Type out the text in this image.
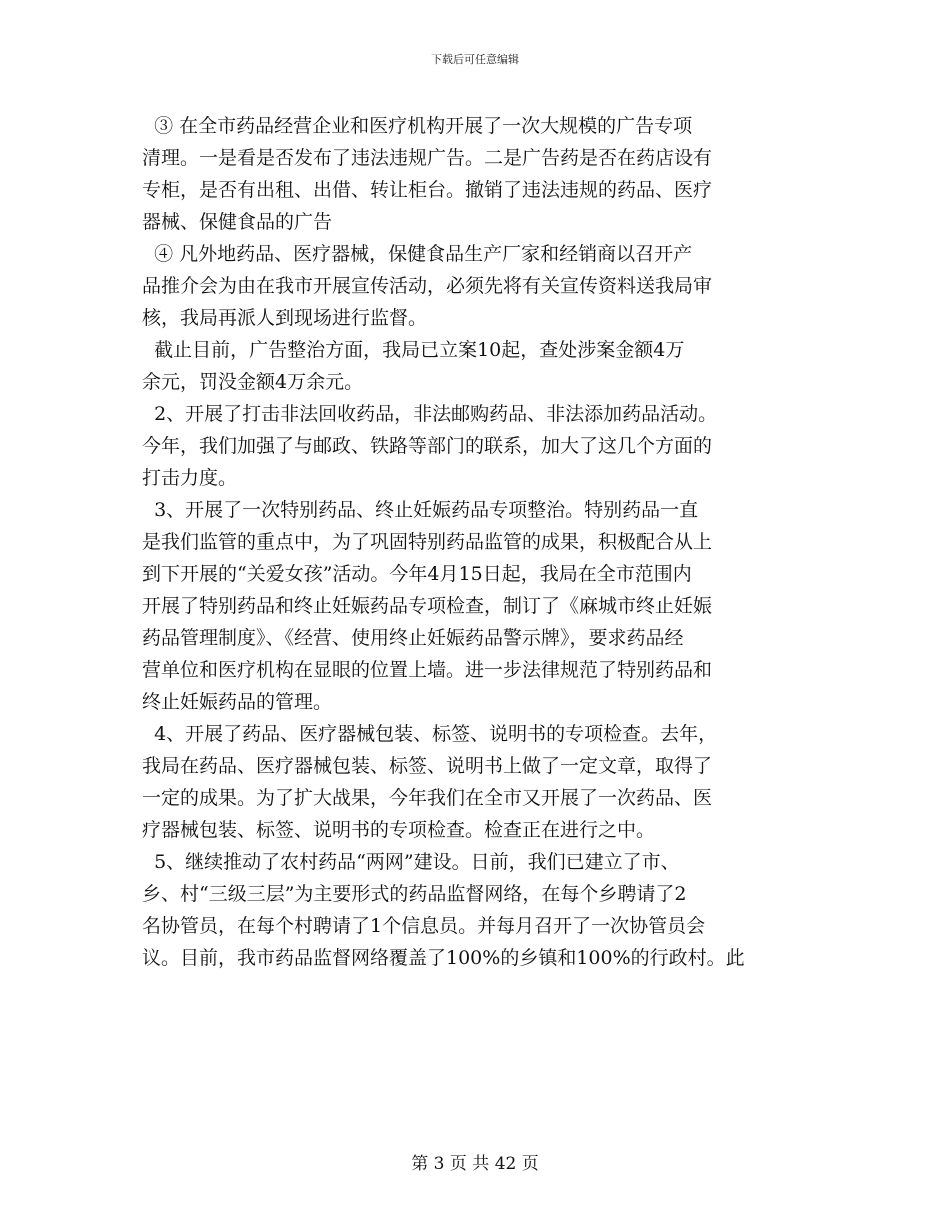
下载后可任意编辑
③ 在全市药品经营企业和医疗机构开展了一次大规模的广告专项
清理。一是看是否发布了违法违规广告。二是广告药是否在药店设有
专柜，是否有出租、出借、转让柜台。撤销了违法违规的药品、医疗
器械、保健食品的广告
④ 凡外地药品、医疗器械，保健食品生产厂家和经销商以召开产
品推介会为由在我市开展宣传活动，必须先将有关宣传资料送我局审
核，我局再派人到现场进行监督。
截止目前，广告整治方面，我局已立案10起，查处涉案金额4万
余元，罚没金额4万余元。
2、开展了打击非法回收药品，非法邮购药品、非法添加药品活动。
今年，我们加强了与邮政、铁路等部门的联系，加大了这几个方面的
打击力度。
3、开展了一次特别药品、终止妊娠药品专项整治。特别药品一直
是我们监管的重点中，为了巩固特别药品监管的成果，积极配合从上
到下开展的“关爱女孩”活动。今年4月15日起，我局在全市范围内
开展了特别药品和终止妊娠药品专项检查，制订了《麻城市终止妊娠
药品管理制度》、《经营、使用终止妊娠药品警示牌》，要求药品经
营单位和医疗机构在显眼的位置上墙。进一步法律规范了特别药品和
终止妊娠药品的管理。
4、开展了药品、医疗器械包装、标签、说明书的专项检查。去年，
我局在药品、医疗器械包装、标签、说明书上做了一定文章，取得了
一定的成果。为了扩大战果，今年我们在全市又开展了一次药品、医
疗器械包装、标签、说明书的专项检查。检查正在进行之中。
5、继续推动了农村药品“两网”建设。日前，我们已建立了市、
乡、村“三级三层”为主要形式的药品监督网络，在每个乡聘请了2
名协管员，在每个村聘请了1个信息员。并每月召开了一次协管员会
议。目前，我市药品监督网络覆盖了100%的乡镇和100%的行政村。此
第 3 页 共 42 页
